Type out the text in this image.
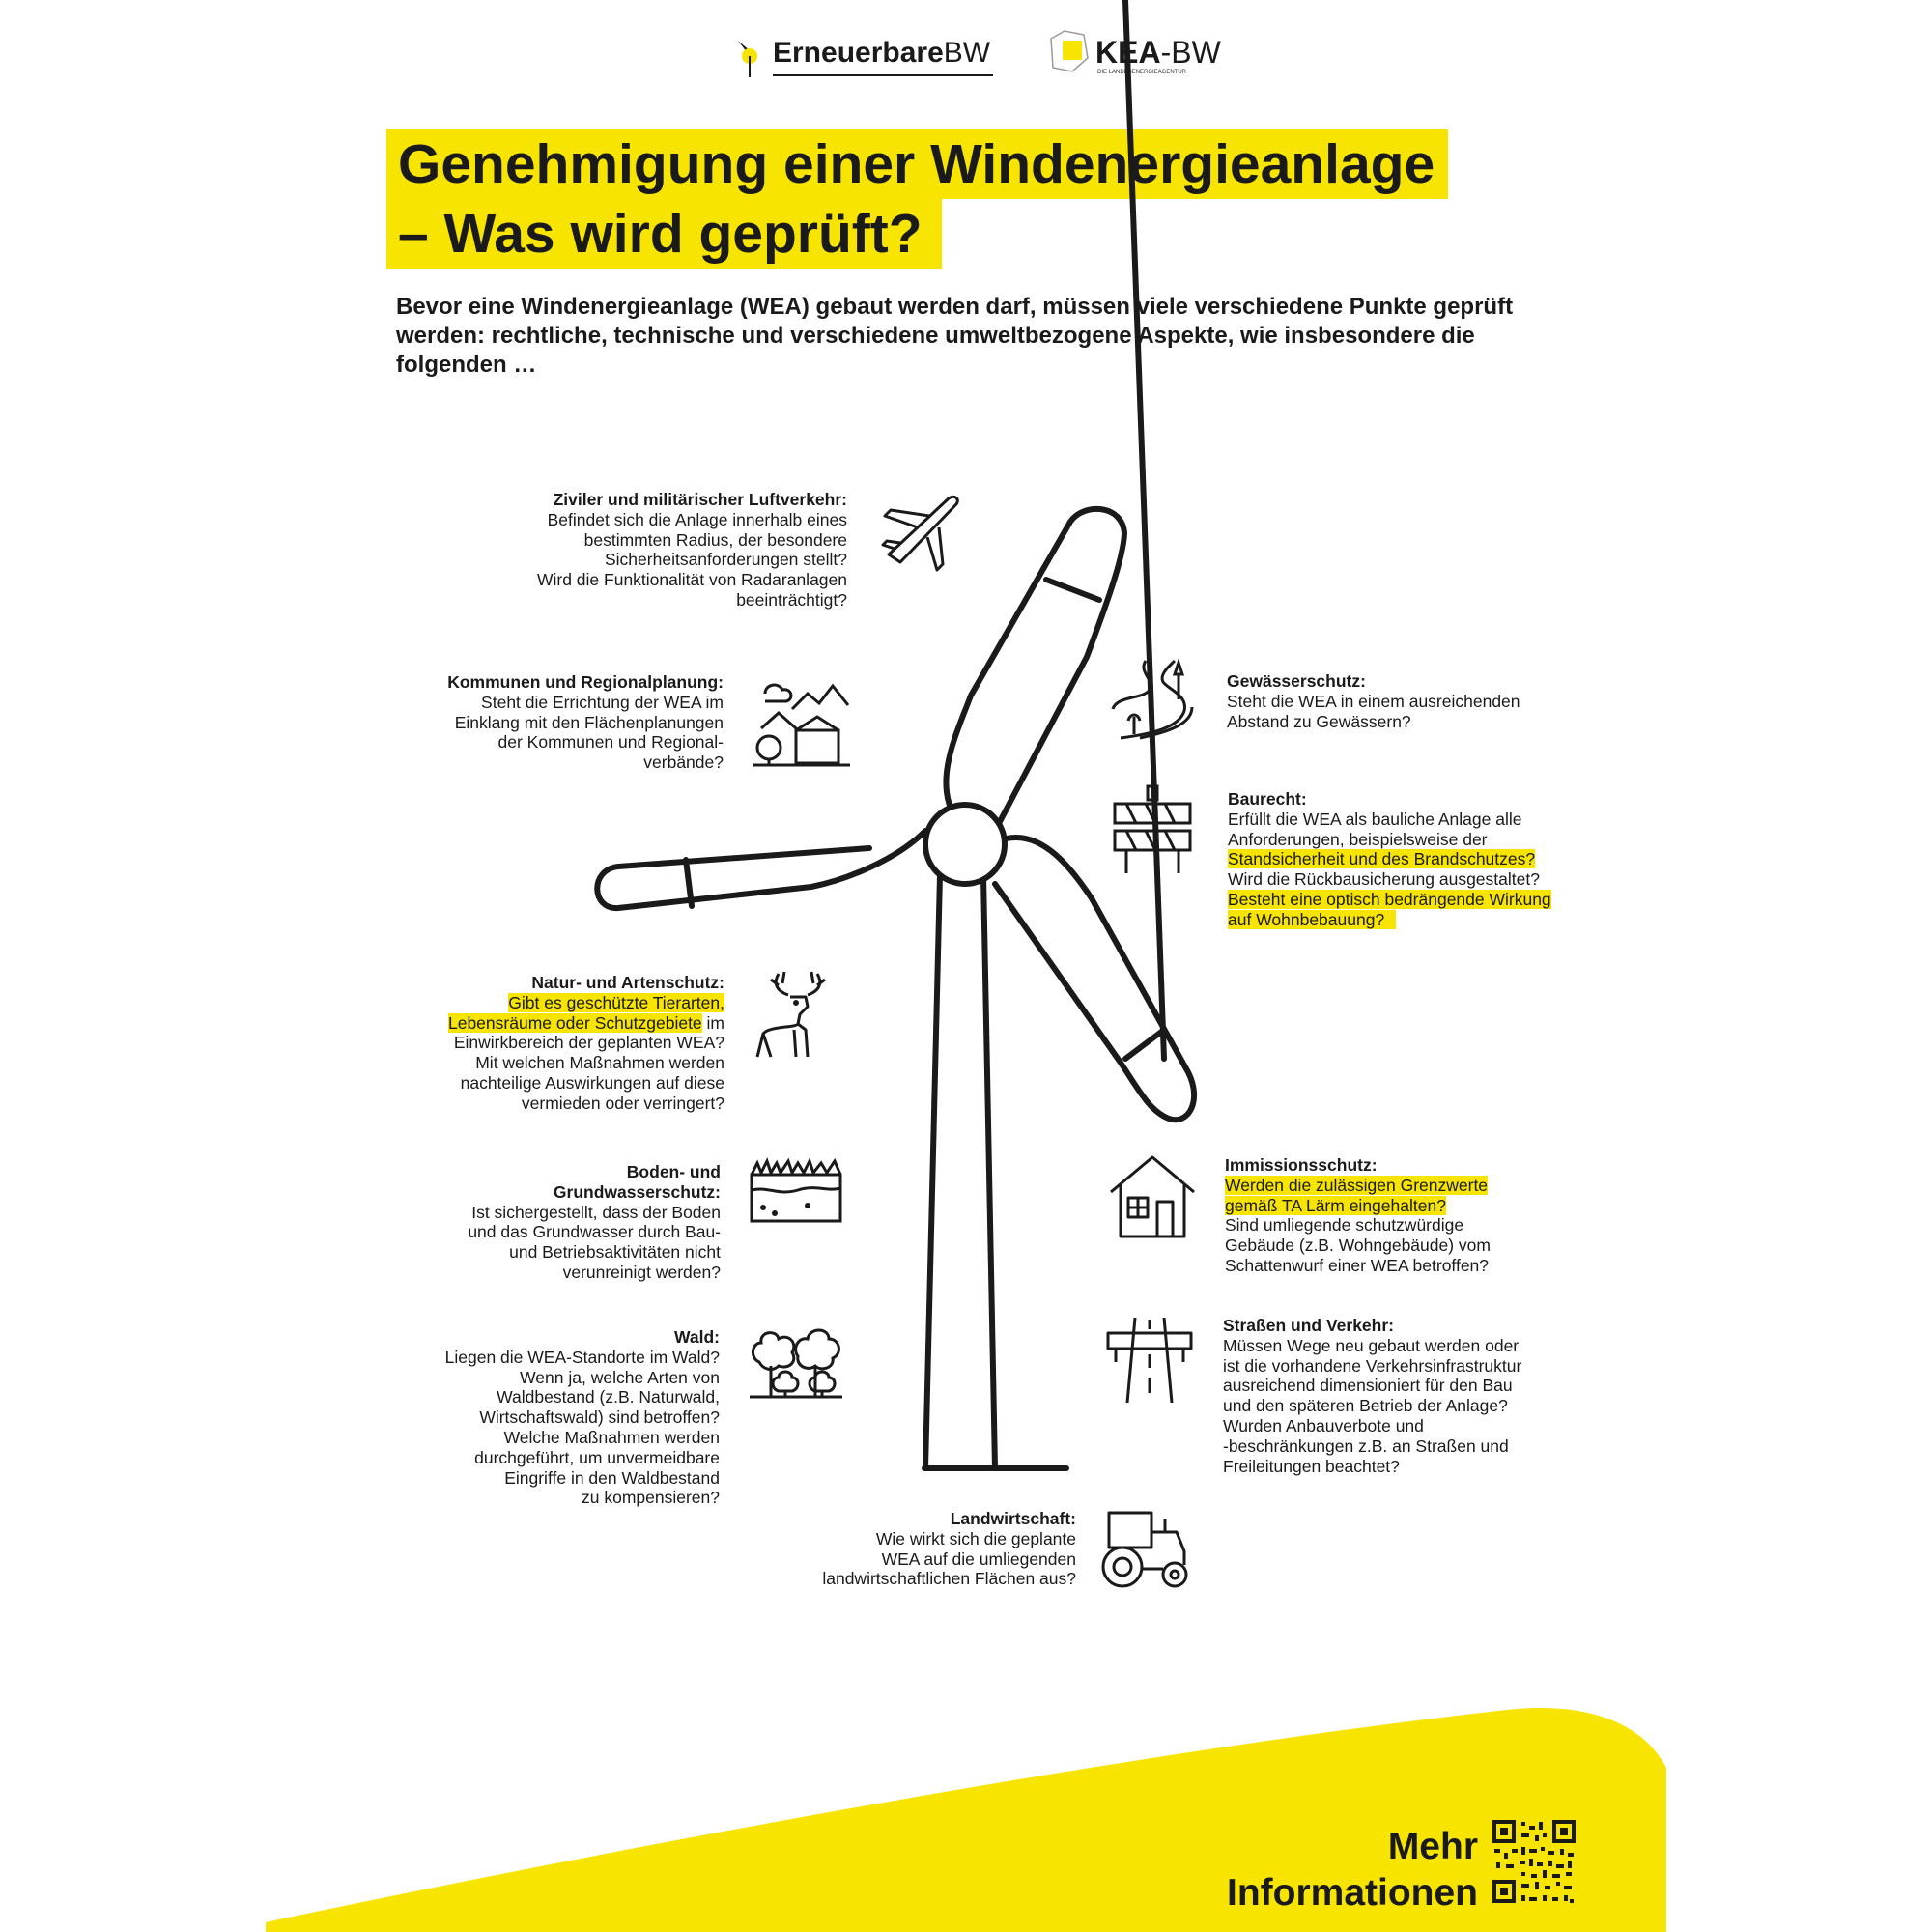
ErneuerbareBW	KEA-BW
DIE LANDESENERGIEAGENTUR
Genehmigung einer Windenergieanlage
– Was wird geprüft?
Bevor eine Windenergieanlage (WEA) gebaut werden darf, müssen viele verschiedene Punkte geprüft werden: rechtliche, technische und verschiedene umweltbezogene Aspekte, wie insbesondere die folgenden …
Ziviler und militärischer Luftverkehr:
Befindet sich die Anlage innerhalb eines
bestimmten Radius, der besondere
Sicherheitsanforderungen stellt?
Wird die Funktionalität von Radaranlagen
beeinträchtigt?
Kommunen und Regionalplanung:
Steht die Errichtung der WEA im
Einklang mit den Flächenplanungen
der Kommunen und Regional-
verbände?
Gewässerschutz:
Steht die WEA in einem ausreichenden
Abstand zu Gewässern?
Baurecht:
Erfüllt die WEA als bauliche Anlage alle
Anforderungen, beispielsweise der
Standsicherheit und des Brandschutzes?
Wird die Rückbausicherung ausgestaltet?
Besteht eine optisch bedrängende Wirkung
auf Wohnbebauung?
Natur- und Artenschutz:
Gibt es geschützte Tierarten,
Lebensräume oder Schutzgebiete im
Einwirkbereich der geplanten WEA?
Mit welchen Maßnahmen werden
nachteilige Auswirkungen auf diese
vermieden oder verringert?
Boden- und
Grundwasserschutz:
Ist sichergestellt, dass der Boden
und das Grundwasser durch Bau-
und Betriebsaktivitäten nicht
verunreinigt werden?
Immissionsschutz:
Werden die zulässigen Grenzwerte
gemäß TA Lärm eingehalten?
Sind umliegende schutzwürdige
Gebäude (z.B. Wohngebäude) vom
Schattenwurf einer WEA betroffen?
Wald:
Liegen die WEA-Standorte im Wald?
Wenn ja, welche Arten von
Waldbestand (z.B. Naturwald,
Wirtschaftswald) sind betroffen?
Welche Maßnahmen werden
durchgeführt, um unvermeidbare
Eingriffe in den Waldbestand
zu kompensieren?
Straßen und Verkehr:
Müssen Wege neu gebaut werden oder
ist die vorhandene Verkehrsinfrastruktur
ausreichend dimensioniert für den Bau
und den späteren Betrieb der Anlage?
Wurden Anbauverbote und
-beschränkungen z.B. an Straßen und
Freileitungen beachtet?
Landwirtschaft:
Wie wirkt sich die geplante
WEA auf die umliegenden
landwirtschaftlichen Flächen aus?
Mehr
Informationen
